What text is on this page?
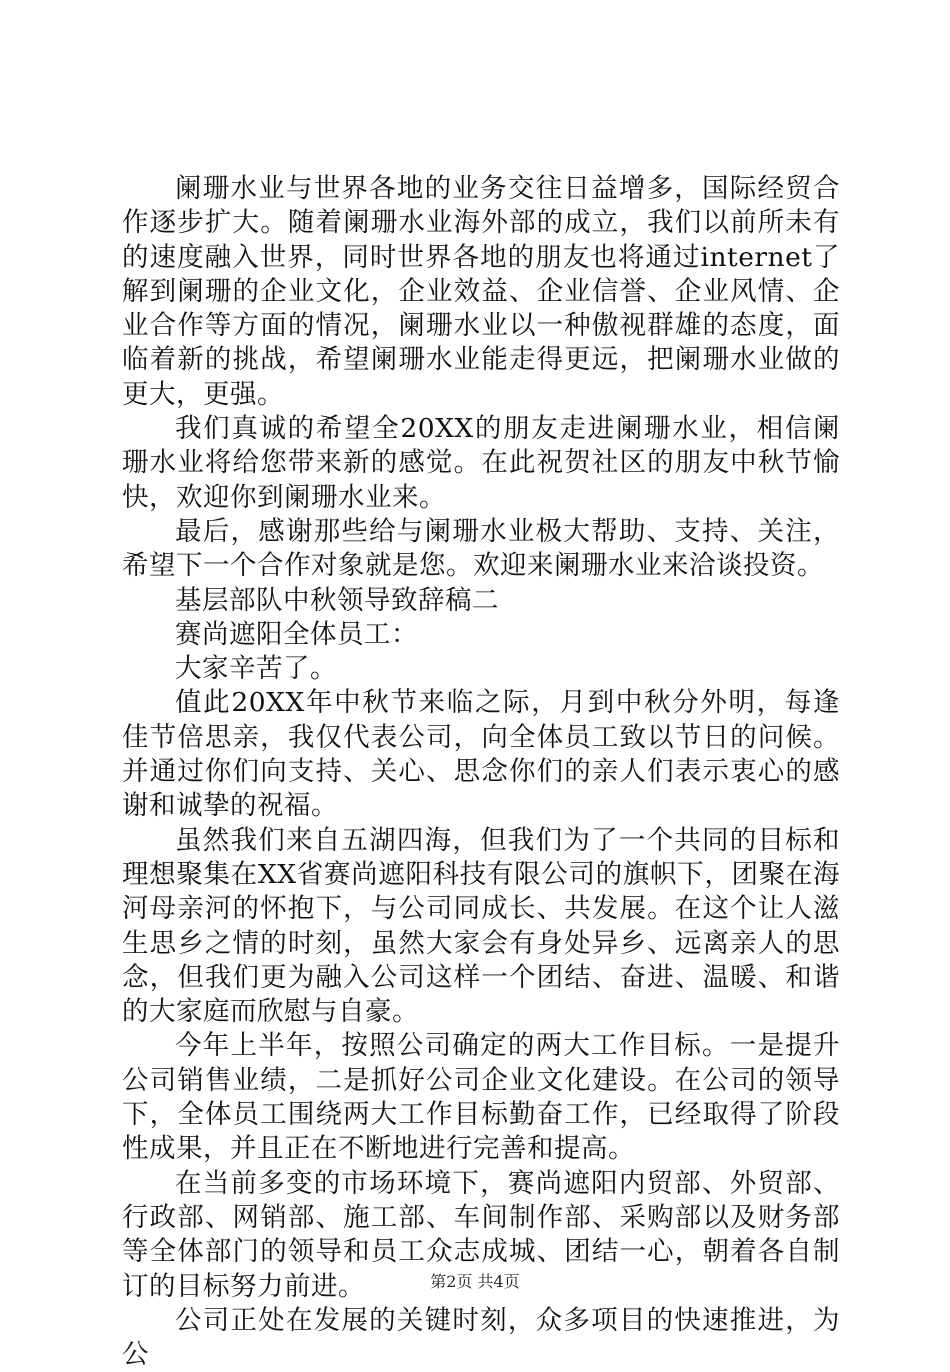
阑珊水业与世界各地的业务交往日益增多，国际经贸合作逐步扩大。随着阑珊水业海外部的成立，我们以前所未有的速度融入世界，同时世界各地的朋友也将通过internet了解到阑珊的企业文化，企业效益、企业信誉、企业风情、企业合作等方面的情况，阑珊水业以一种傲视群雄的态度，面临着新的挑战，希望阑珊水业能走得更远，把阑珊水业做的更大，更强。

我们真诚的希望全20XX的朋友走进阑珊水业，相信阑珊水业将给您带来新的感觉。在此祝贺社区的朋友中秋节愉快，欢迎你到阑珊水业来。

最后，感谢那些给与阑珊水业极大帮助、支持、关注，希望下一个合作对象就是您。欢迎来阑珊水业来洽谈投资。

基层部队中秋领导致辞稿二

赛尚遮阳全体员工：

大家辛苦了。

值此20XX年中秋节来临之际，月到中秋分外明，每逢佳节倍思亲，我仅代表公司，向全体员工致以节日的问候。并通过你们向支持、关心、思念你们的亲人们表示衷心的感谢和诚挚的祝福。

虽然我们来自五湖四海，但我们为了一个共同的目标和理想聚集在XX省赛尚遮阳科技有限公司的旗帜下，团聚在海河母亲河的怀抱下，与公司同成长、共发展。在这个让人滋生思乡之情的时刻，虽然大家会有身处异乡、远离亲人的思念，但我们更为融入公司这样一个团结、奋进、温暖、和谐的大家庭而欣慰与自豪。

今年上半年，按照公司确定的两大工作目标。一是提升公司销售业绩，二是抓好公司企业文化建设。在公司的领导下，全体员工围绕两大工作目标勤奋工作，已经取得了阶段性成果，并且正在不断地进行完善和提高。

在当前多变的市场环境下，赛尚遮阳内贸部、外贸部、行政部、网销部、施工部、车间制作部、采购部以及财务部等全体部门的领导和员工众志成城、团结一心，朝着各自制订的目标努力前进。

公司正处在发展的关键时刻，众多项目的快速推进，为公

第2页 共4页
